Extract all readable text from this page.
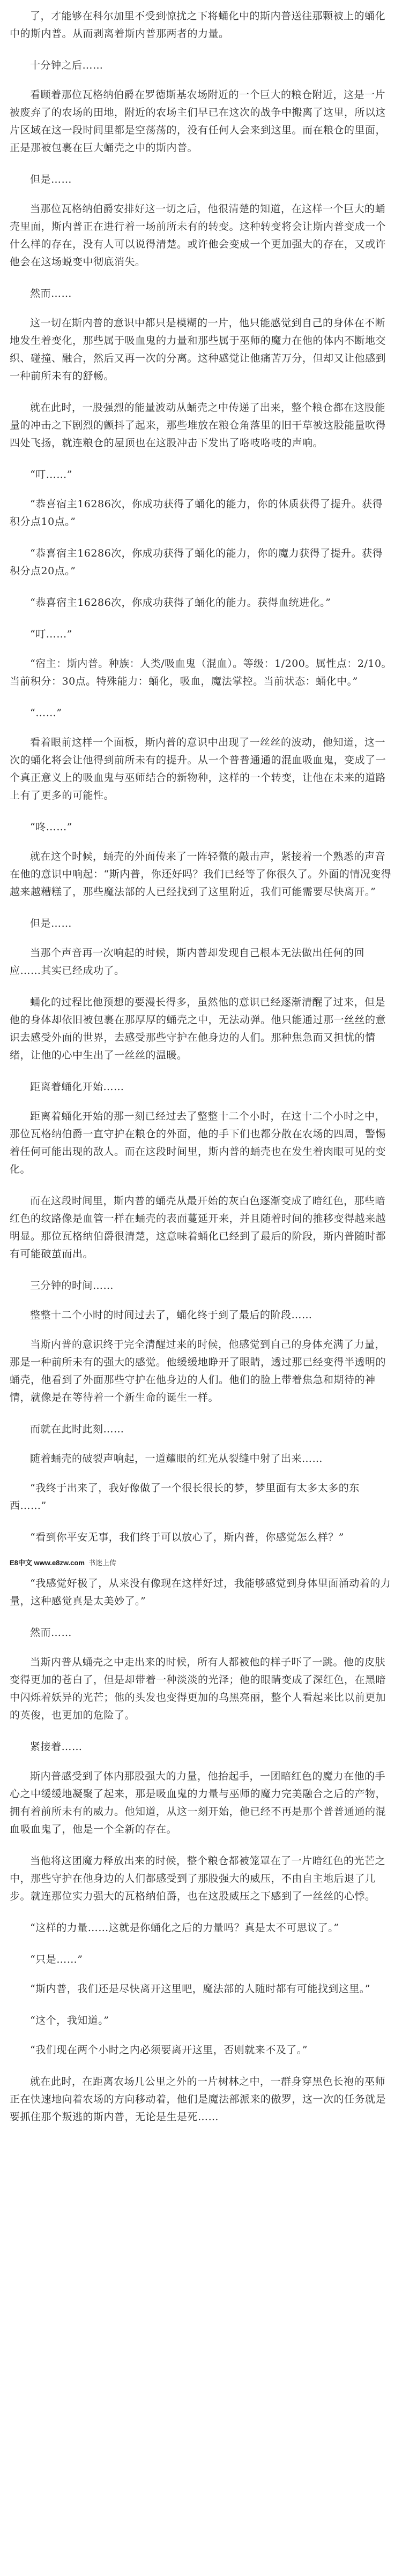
了，才能够在科尔加里不受到惊扰之下将蛹化中的斯内普送往那颗被上的蛹化中的斯内普。从而剥离着斯内普那两者的力量。

十分钟之后……

看顾着那位瓦格纳伯爵在罗德斯基农场附近的一个巨大的粮仓附近，这是一片被废弃了的农场的田地，附近的农场主们早已在这次的战争中搬离了这里，所以这片区域在这一段时间里都是空荡荡的，没有任何人会来到这里。而在粮仓的里面，正是那被包裹在巨大蛹壳之中的斯内普。

但是……

当那位瓦格纳伯爵安排好这一切之后，他很清楚的知道，在这样一个巨大的蛹壳里面，斯内普正在进行着一场前所未有的转变。这种转变将会让斯内普变成一个什么样的存在，没有人可以说得清楚。或许他会变成一个更加强大的存在，又或许他会在这场蜕变中彻底消失。

然而……

这一切在斯内普的意识中都只是模糊的一片，他只能感觉到自己的身体在不断地发生着变化，那些属于吸血鬼的力量和那些属于巫师的魔力在他的体内不断地交织、碰撞、融合，然后又再一次的分离。这种感觉让他痛苦万分，但却又让他感到一种前所未有的舒畅。

就在此时，一股强烈的能量波动从蛹壳之中传递了出来，整个粮仓都在这股能量的冲击之下剧烈的颤抖了起来，那些堆放在粮仓角落里的旧干草被这股能量吹得四处飞扬，就连粮仓的屋顶也在这股冲击下发出了咯吱咯吱的声响。

“叮……”

“恭喜宿主16286次，你成功获得了蛹化的能力，你的体质获得了提升。获得积分点10点。”

“恭喜宿主16286次，你成功获得了蛹化的能力，你的魔力获得了提升。获得积分点20点。”

“恭喜宿主16286次，你成功获得了蛹化的能力。获得血统进化。”

“叮……”

“宿主：斯内普。种族：人类/吸血鬼（混血）。等级：1/200。属性点：2/10。当前积分：30点。特殊能力：蛹化，吸血，魔法掌控。当前状态：蛹化中。”

“……”

看着眼前这样一个面板，斯内普的意识中出现了一丝丝的波动，他知道，这一次的蛹化将会让他得到前所未有的提升。从一个普普通通的混血吸血鬼，变成了一个真正意义上的吸血鬼与巫师结合的新物种，这样的一个转变，让他在未来的道路上有了更多的可能性。

“咚……”

就在这个时候，蛹壳的外面传来了一阵轻微的敲击声，紧接着一个熟悉的声音在他的意识中响起：“斯内普，你还好吗？我们已经等了你很久了。外面的情况变得越来越糟糕了，那些魔法部的人已经找到了这里附近，我们可能需要尽快离开。”

但是……

当那个声音再一次响起的时候，斯内普却发现自己根本无法做出任何的回应……其实已经成功了。

蛹化的过程比他预想的要漫长得多，虽然他的意识已经逐渐清醒了过来，但是他的身体却依旧被包裹在那厚厚的蛹壳之中，无法动弹。他只能通过那一丝丝的意识去感受外面的世界，去感受那些守护在他身边的人们。那种焦急而又担忧的情绪，让他的心中生出了一丝丝的温暖。

距离着蛹化开始……

距离着蛹化开始的那一刻已经过去了整整十二个小时，在这十二个小时之中，那位瓦格纳伯爵一直守护在粮仓的外面，他的手下们也都分散在农场的四周，警惕着任何可能出现的敌人。而在这段时间里，斯内普的蛹壳也在发生着肉眼可见的变化。

而在这段时间里，斯内普的蛹壳从最开始的灰白色逐渐变成了暗红色，那些暗红色的纹路像是血管一样在蛹壳的表面蔓延开来，并且随着时间的推移变得越来越明显。那位瓦格纳伯爵很清楚，这意味着蛹化已经到了最后的阶段，斯内普随时都有可能破茧而出。

三分钟的时间……

整整十二个小时的时间过去了，蛹化终于到了最后的阶段……

当斯内普的意识终于完全清醒过来的时候，他感觉到自己的身体充满了力量，那是一种前所未有的强大的感觉。他缓缓地睁开了眼睛，透过那已经变得半透明的蛹壳，他看到了外面那些守护在他身边的人们。他们的脸上带着焦急和期待的神情，就像是在等待着一个新生命的诞生一样。

而就在此时此刻……

随着蛹壳的破裂声响起，一道耀眼的红光从裂缝中射了出来……

“我终于出来了，我好像做了一个很长很长的梦，梦里面有太多太多的东西……”

“看到你平安无事，我们终于可以放心了，斯内普，你感觉怎么样？”

E8中文 www.e8zw.com 书迷上传

“我感觉好极了，从来没有像现在这样好过，我能够感觉到身体里面涌动着的力量，这种感觉真是太美妙了。”

然而……

当斯内普从蛹壳之中走出来的时候，所有人都被他的样子吓了一跳。他的皮肤变得更加的苍白了，但是却带着一种淡淡的光泽；他的眼睛变成了深红色，在黑暗中闪烁着妖异的光芒；他的头发也变得更加的乌黑亮丽，整个人看起来比以前更加的英俊，也更加的危险了。

紧接着……

斯内普感受到了体内那股强大的力量，他抬起手，一团暗红色的魔力在他的手心之中缓缓地凝聚了起来，那是吸血鬼的力量与巫师的魔力完美融合之后的产物，拥有着前所未有的威力。他知道，从这一刻开始，他已经不再是那个普普通通的混血吸血鬼了，他是一个全新的存在。

当他将这团魔力释放出来的时候，整个粮仓都被笼罩在了一片暗红色的光芒之中，那些守护在他身边的人们都感受到了那股强大的威压，不由自主地后退了几步。就连那位实力强大的瓦格纳伯爵，也在这股威压之下感到了一丝丝的心悸。

“这样的力量……这就是你蛹化之后的力量吗？真是太不可思议了。”

“只是……”

“斯内普，我们还是尽快离开这里吧，魔法部的人随时都有可能找到这里。”

“这个，我知道。”

“我们现在两个小时之内必须要离开这里，否则就来不及了。”

就在此时，在距离农场几公里之外的一片树林之中，一群身穿黑色长袍的巫师正在快速地向着农场的方向移动着，他们是魔法部派来的傲罗，这一次的任务就是要抓住那个叛逃的斯内普，无论是生是死……
